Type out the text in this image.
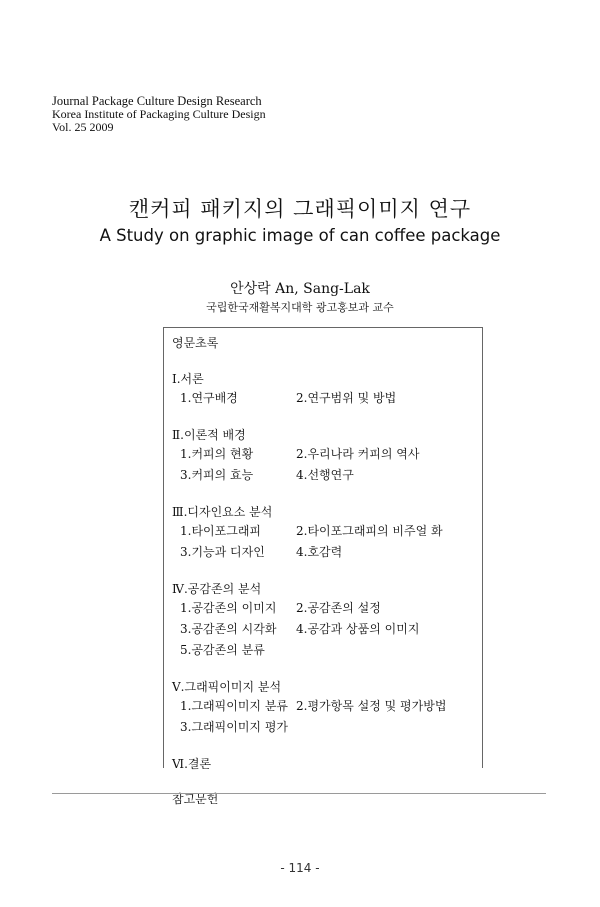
Journal Package Culture Design Research
Korea Institute of Packaging Culture Design
Vol. 25 2009
캔커피 패키지의 그래픽이미지 연구
A Study on graphic image of can coffee package
안상락 An, Sang-Lak
국립한국재활복지대학 광고홍보과 교수
영문초록
Ⅰ.서론
1.연구배경	2.연구범위 및 방법
Ⅱ.이론적 배경
1.커피의 현황	2.우리나라 커피의 역사
3.커피의 효능	4.선행연구
Ⅲ.디자인요소 분석
1.타이포그래피	2.타이포그래피의 비주얼 화
3.기능과 디자인	4.호감력
Ⅳ.공감존의 분석
1.공감존의 이미지	2.공감존의 설정
3.공감존의 시각화	4.공감과 상품의 이미지
5.공감존의 분류
Ⅴ.그래픽이미지 분석
1.그래픽이미지 분류 2.평가항목 설정 및 평가방법
3.그래픽이미지 평가
Ⅵ.결론
참고문헌
- 114 -
